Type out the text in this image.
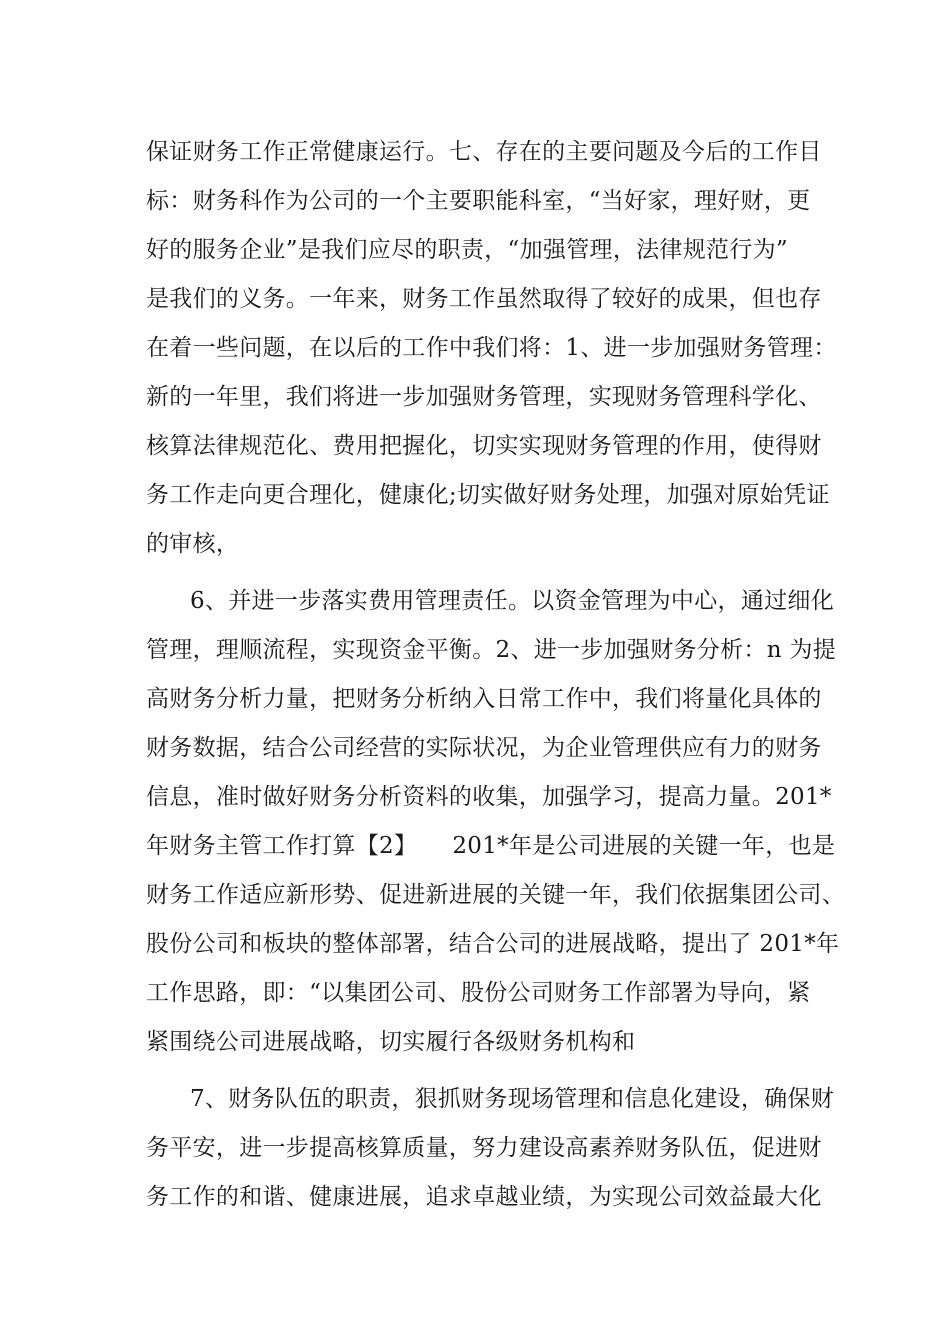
保证财务工作正常健康运行。七、存在的主要问题及今后的工作目
标：财务科作为公司的一个主要职能科室，“当好家，理好财，更
好的服务企业”是我们应尽的职责，“加强管理，法律规范行为”
是我们的义务。一年来，财务工作虽然取得了较好的成果，但也存
在着一些问题，在以后的工作中我们将：1、进一步加强财务管理：
新的一年里，我们将进一步加强财务管理，实现财务管理科学化、
核算法律规范化、费用把握化，切实实现财务管理的作用，使得财
务工作走向更合理化，健康化;切实做好财务处理，加强对原始凭证
的审核，
6、并进一步落实费用管理责任。以资金管理为中心，通过细化
管理，理顺流程，实现资金平衡。2、进一步加强财务分析：n 为提
高财务分析力量，把财务分析纳入日常工作中，我们将量化具体的
财务数据，结合公司经营的实际状况，为企业管理供应有力的财务
信息，准时做好财务分析资料的收集，加强学习，提高力量。201*
年财务主管工作打算【2】　　201*年是公司进展的关键一年，也是
财务工作适应新形势、促进新进展的关键一年，我们依据集团公司、
股份公司和板块的整体部署，结合公司的进展战略，提出了 201*年
工作思路，即：“以集团公司、股份公司财务工作部署为导向，紧
紧围绕公司进展战略，切实履行各级财务机构和
7、财务队伍的职责，狠抓财务现场管理和信息化建设，确保财
务平安，进一步提高核算质量，努力建设高素养财务队伍，促进财
务工作的和谐、健康进展，追求卓越业绩，为实现公司效益最大化
